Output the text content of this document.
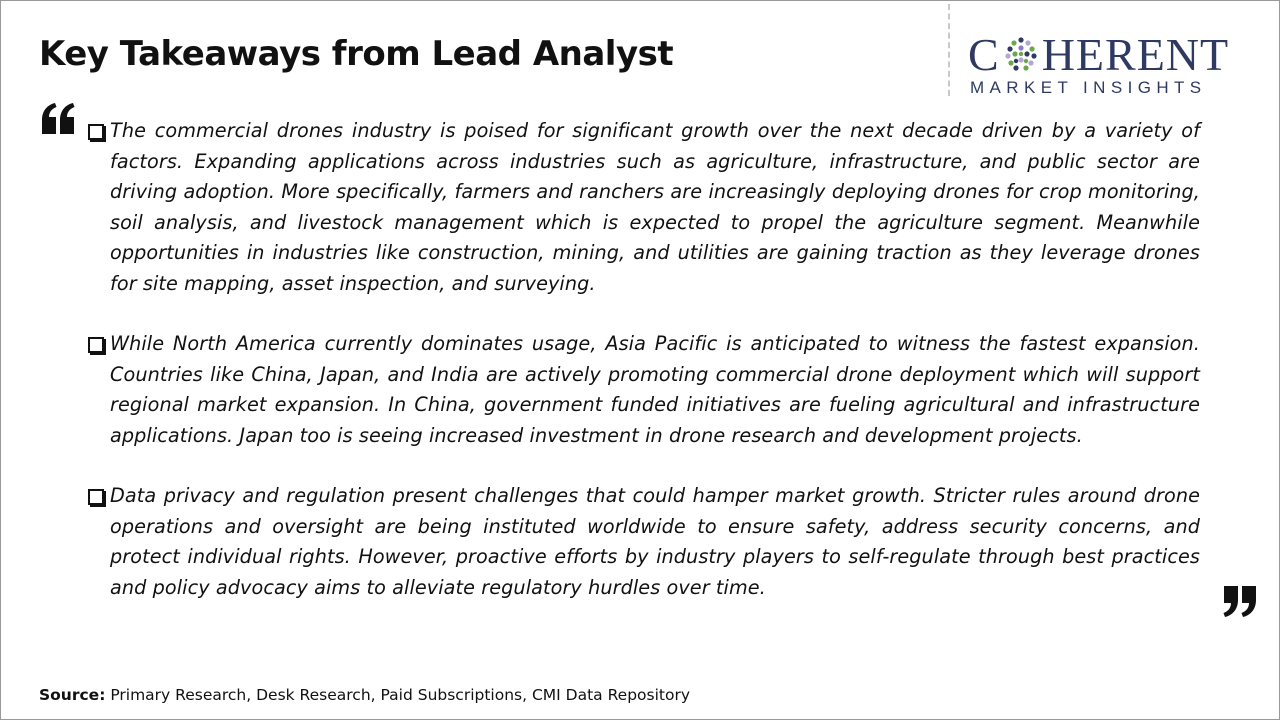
Key Takeaways from Lead Analyst	C HERENT
MARKET INSIGHTS
The commercial drones industry is poised for significant growth over the next decade driven by a variety of factors. Expanding applications across industries such as agriculture, infrastructure, and public sector are driving adoption. More specifically, farmers and ranchers are increasingly deploying drones for crop monitoring, soil analysis, and livestock management which is expected to propel the agriculture segment. Meanwhile opportunities in industries like construction, mining, and utilities are gaining traction as they leverage drones for site mapping, asset inspection, and surveying.
While North America currently dominates usage, Asia Pacific is anticipated to witness the fastest expansion. Countries like China, Japan, and India are actively promoting commercial drone deployment which will support regional market expansion. In China, government funded initiatives are fueling agricultural and infrastructure applications. Japan too is seeing increased investment in drone research and development projects.
Data privacy and regulation present challenges that could hamper market growth. Stricter rules around drone operations and oversight are being instituted worldwide to ensure safety, address security concerns, and protect individual rights. However, proactive efforts by industry players to self-regulate through best practices and policy advocacy aims to alleviate regulatory hurdles over time.
Source: Primary Research, Desk Research, Paid Subscriptions, CMI Data Repository
